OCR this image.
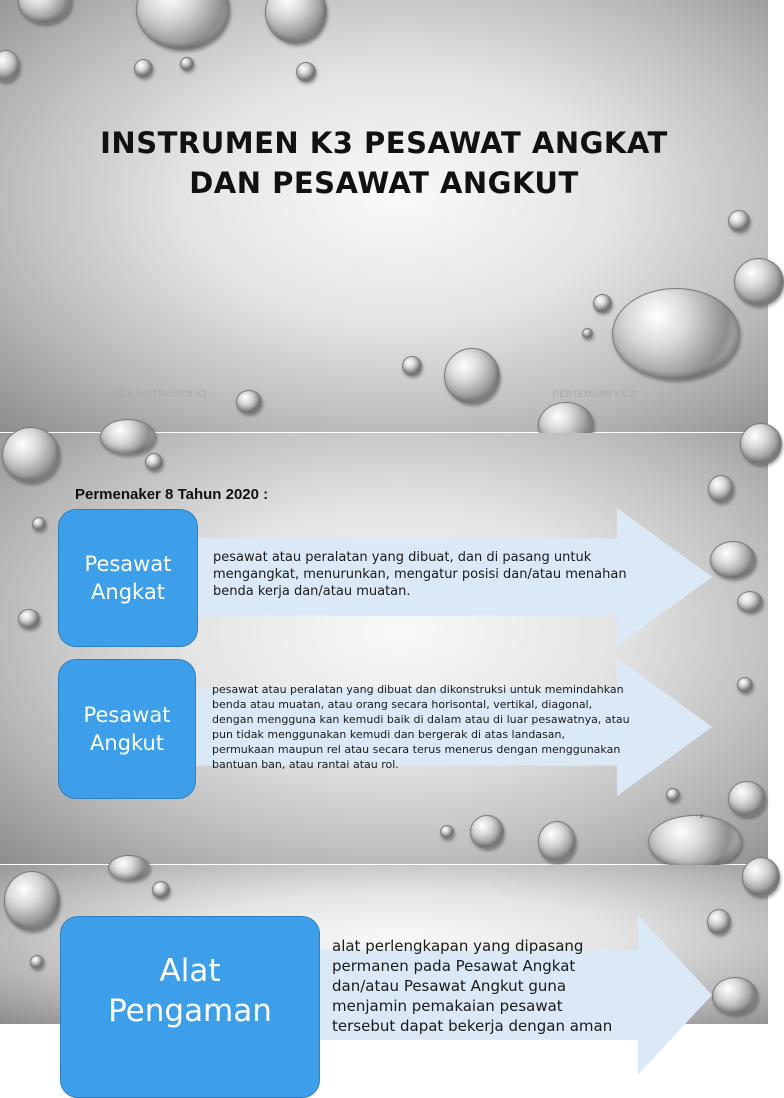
INSTRUMEN K3 PESAWAT ANGKAT
DAN PESAWAT ANGKUT
M.K INSTRUMEN K3	PERTEMUAN KE 2
Permenaker 8 Tahun 2020 :
Pesawat
Angkat
pesawat atau peralatan yang dibuat, dan di pasang untuk mengangkat, menurunkan, mengatur posisi dan/atau menahan benda kerja dan/atau muatan.
Pesawat
Angkut
pesawat atau peralatan yang dibuat dan dikonstruksi untuk memindahkan benda atau muatan, atau orang secara horisontal, vertikal, diagonal, dengan mengguna kan kemudi baik di dalam atau di luar pesawatnya, atau pun tidak menggunakan kemudi dan bergerak di atas landasan, permukaan maupun rel atau secara terus menerus dengan menggunakan bantuan ban, atau rantai atau rol.
2
Alat
Pengaman
alat perlengkapan yang dipasang permanen pada Pesawat Angkat dan/atau Pesawat Angkut guna menjamin pemakaian pesawat tersebut dapat bekerja dengan aman
